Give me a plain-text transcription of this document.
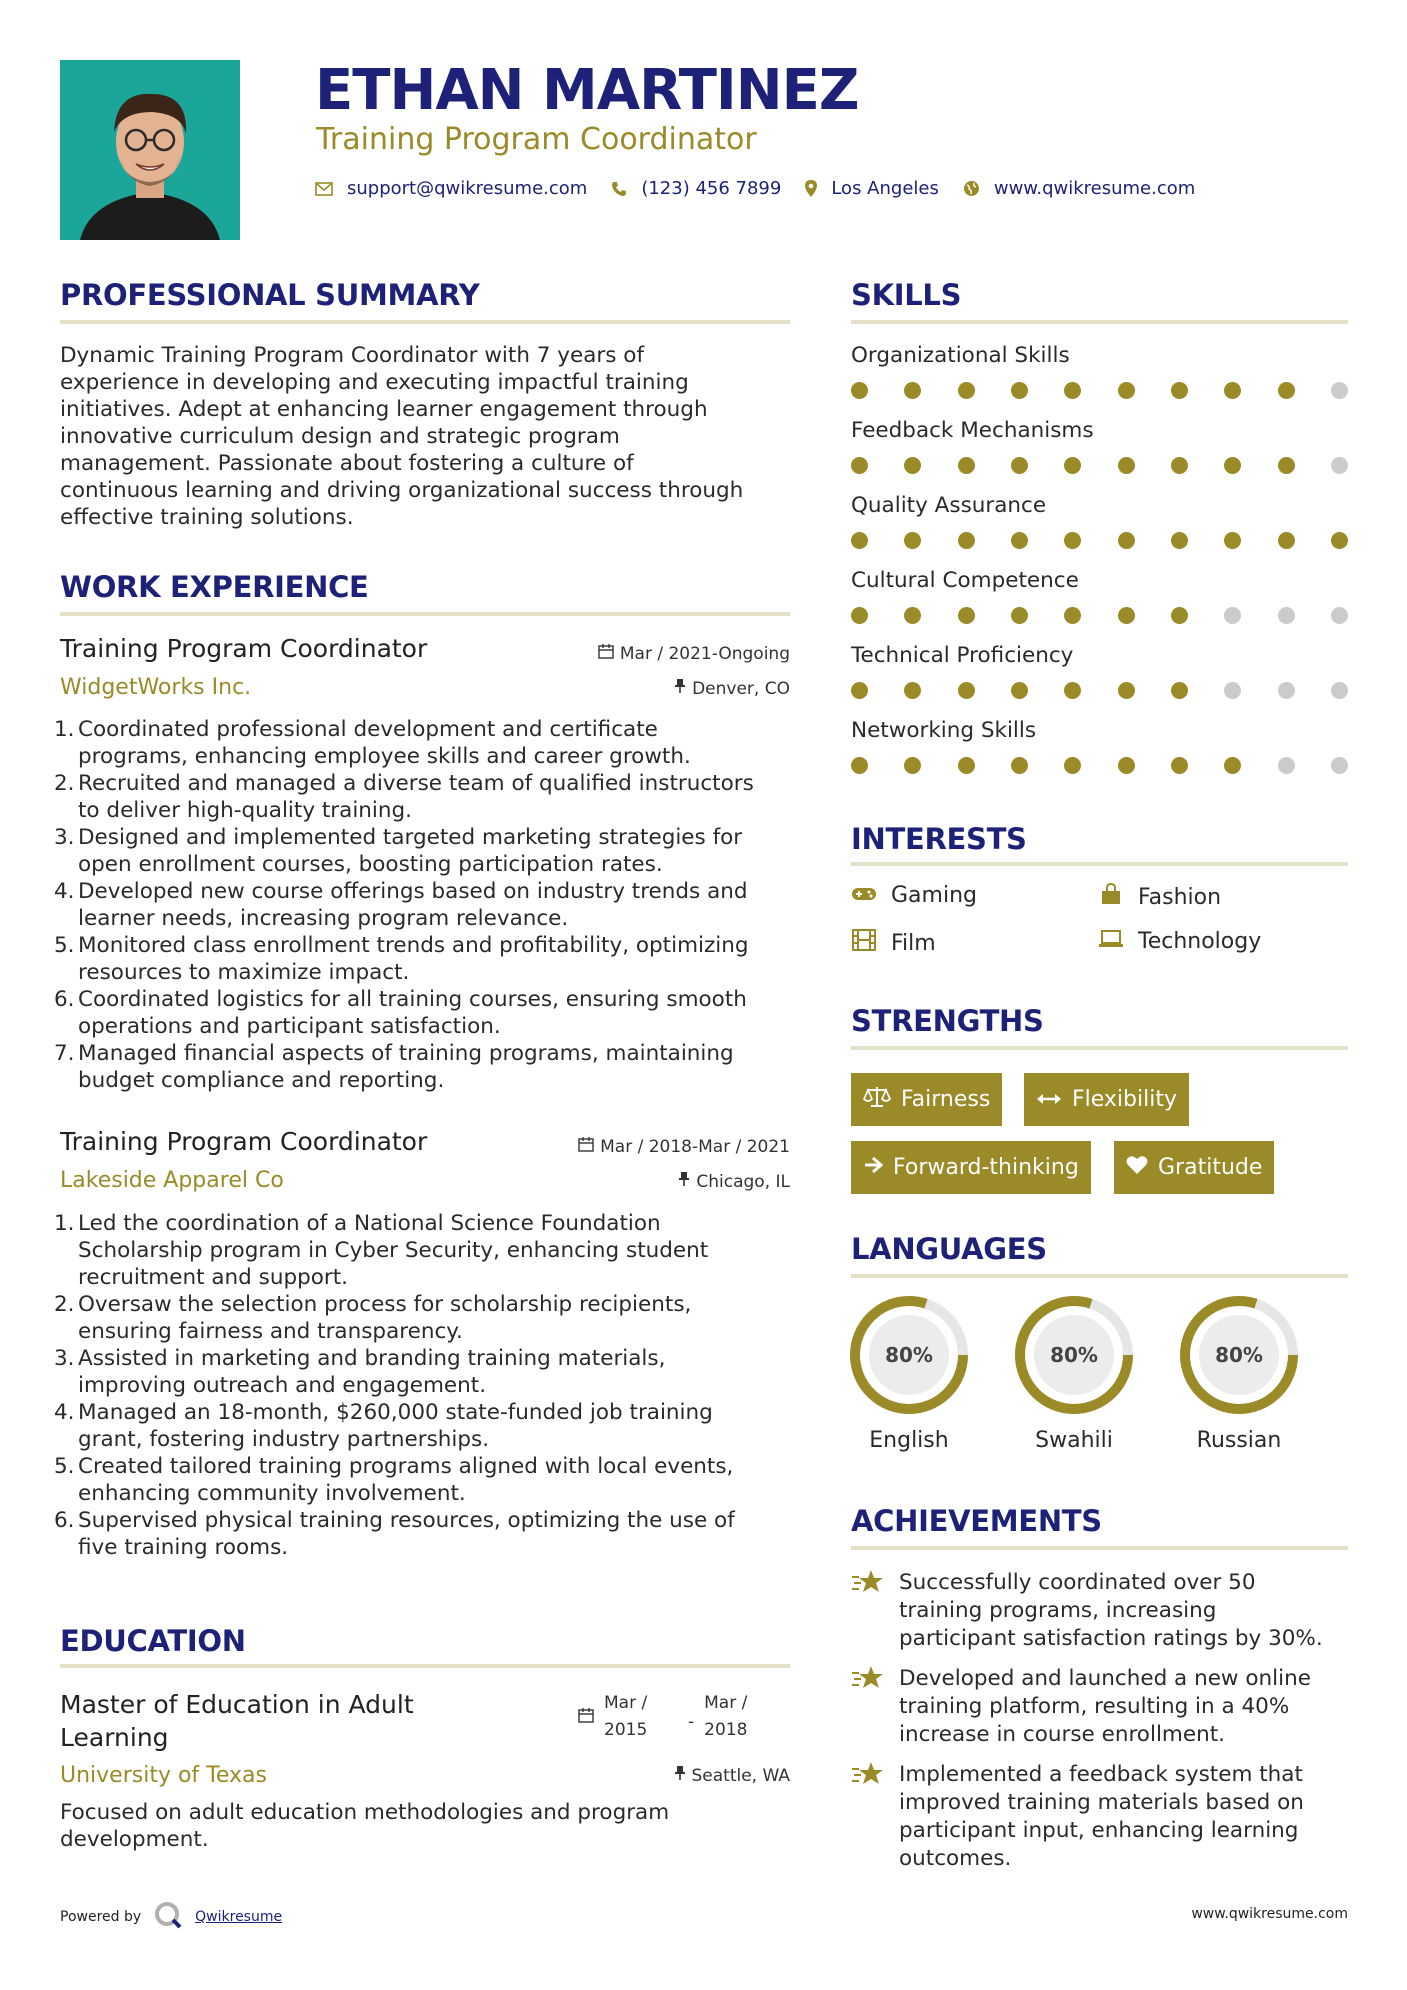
ETHAN MARTINEZ
Training Program Coordinator
support@qwikresume.com	(123) 456 7899	Los Angeles	www.qwikresume.com
PROFESSIONAL SUMMARY
Dynamic Training Program Coordinator with 7 years of
experience in developing and executing impactful training
initiatives. Adept at enhancing learner engagement through
innovative curriculum design and strategic program
management. Passionate about fostering a culture of
continuous learning and driving organizational success through
effective training solutions.
WORK EXPERIENCE
Training Program Coordinator	Mar / 2021-Ongoing
WidgetWorks Inc.	Denver, CO
1. Coordinated professional development and certificate
programs, enhancing employee skills and career growth.
2. Recruited and managed a diverse team of qualified instructors
to deliver high-quality training.
3. Designed and implemented targeted marketing strategies for
open enrollment courses, boosting participation rates.
4. Developed new course offerings based on industry trends and
learner needs, increasing program relevance.
5. Monitored class enrollment trends and profitability, optimizing
resources to maximize impact.
6. Coordinated logistics for all training courses, ensuring smooth
operations and participant satisfaction.
7. Managed financial aspects of training programs, maintaining
budget compliance and reporting.
Training Program Coordinator	Mar / 2018-Mar / 2021
Lakeside Apparel Co	Chicago, IL
1. Led the coordination of a National Science Foundation
Scholarship program in Cyber Security, enhancing student
recruitment and support.
2. Oversaw the selection process for scholarship recipients,
ensuring fairness and transparency.
3. Assisted in marketing and branding training materials,
improving outreach and engagement.
4. Managed an 18-month, $260,000 state-funded job training
grant, fostering industry partnerships.
5. Created tailored training programs aligned with local events,
enhancing community involvement.
6. Supervised physical training resources, optimizing the use of
five training rooms.
EDUCATION
Master of Education in Adult
Learning
Mar /
2015	-
Mar /
2018
University of Texas	Seattle, WA
Focused on adult education methodologies and program
development.
SKILLS
Organizational Skills
Feedback Mechanisms
Quality Assurance
Cultural Competence
Technical Proficiency
Networking Skills
INTERESTS
Gaming	Fashion
Film	Technology
STRENGTHS
Fairness	Flexibility
Forward-thinking	Gratitude
LANGUAGES
80%
English
80%
Swahili
80%
Russian
ACHIEVEMENTS
Successfully coordinated over 50
training programs, increasing
participant satisfaction ratings by 30%.
Developed and launched a new online
training platform, resulting in a 40%
increase in course enrollment.
Implemented a feedback system that
improved training materials based on
participant input, enhancing learning
outcomes.
Powered by	Qwikresume	www.qwikresume.com
